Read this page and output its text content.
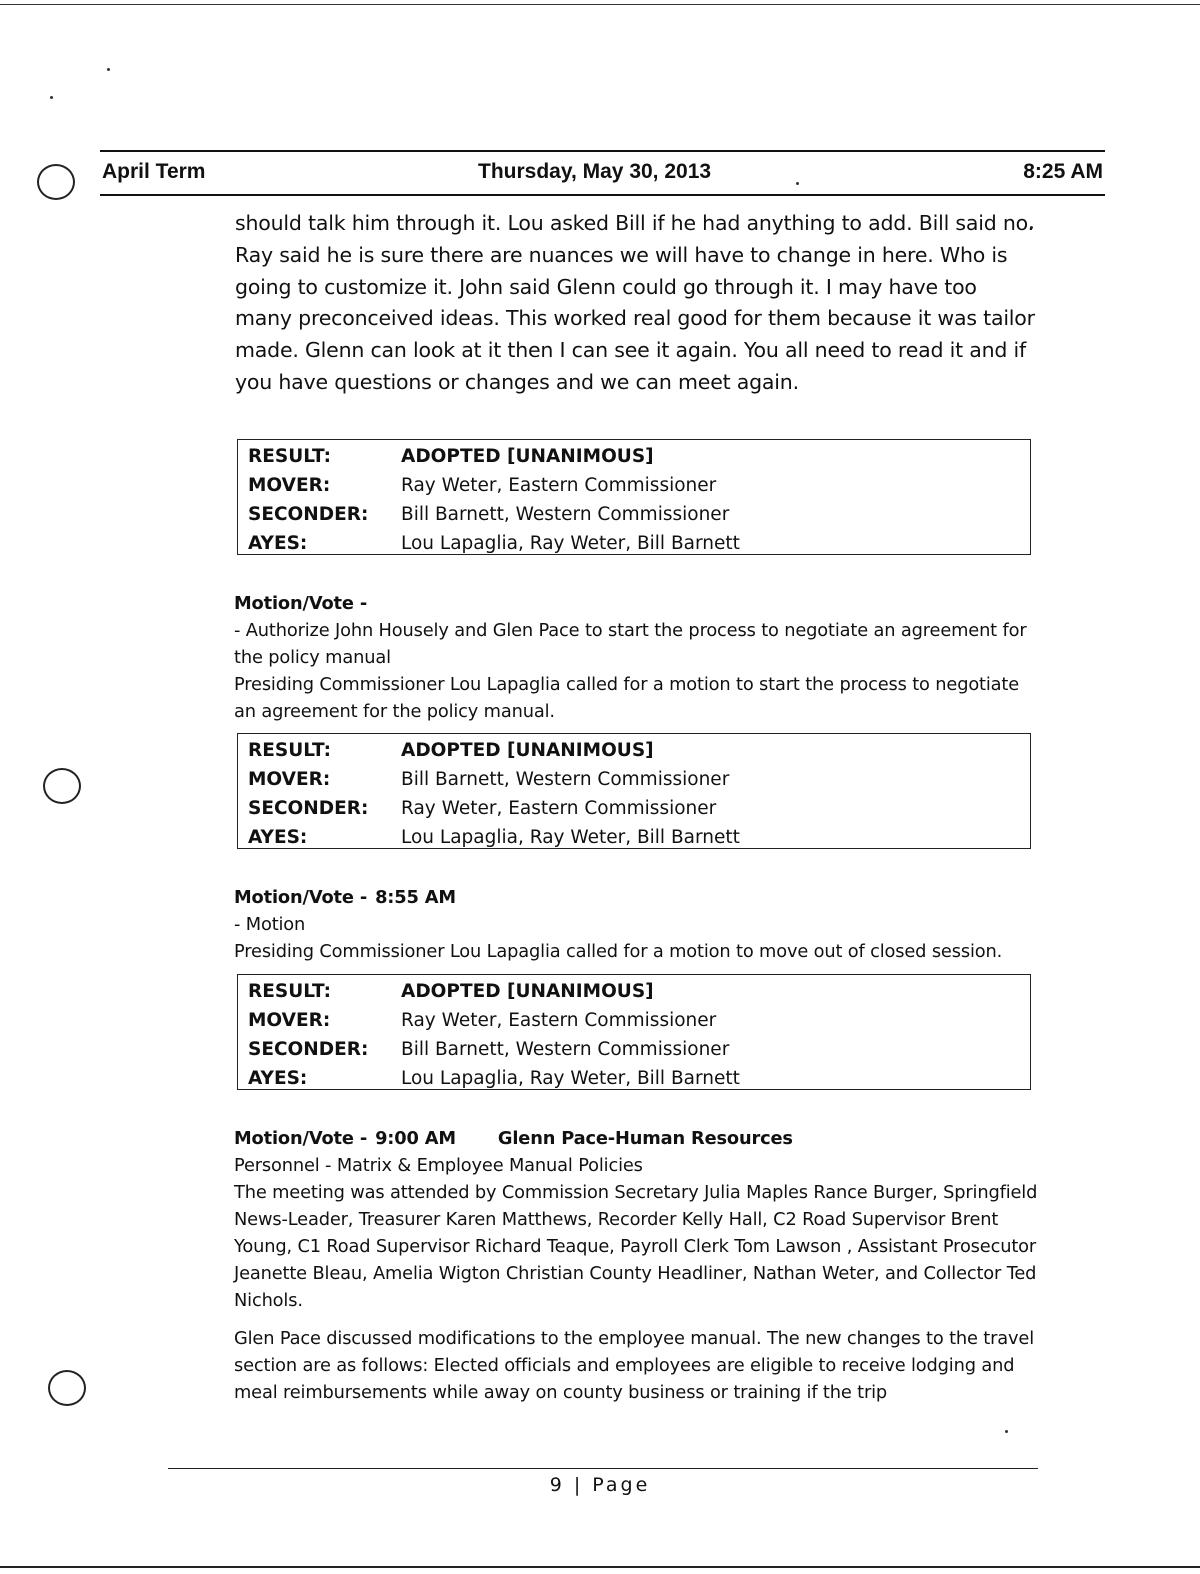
April Term	Thursday, May 30, 2013	8:25 AM
should talk him through it. Lou asked Bill if he had anything to add. Bill said no. Ray said he is sure there are nuances we will have to change in here. Who is going to customize it. John said Glenn could go through it. I may have too many preconceived ideas. This worked real good for them because it was tailor made. Glenn can look at it then I can see it again. You all need to read it and if you have questions or changes and we can meet again.
RESULT:	ADOPTED [UNANIMOUS]
MOVER:	Ray Weter, Eastern Commissioner
SECONDER: Bill Barnett, Western Commissioner
AYES:	Lou Lapaglia, Ray Weter, Bill Barnett
Motion/Vote -
- Authorize John Housely and Glen Pace to start the process to negotiate an agreement for the policy manual
Presiding Commissioner Lou Lapaglia called for a motion to start the process to negotiate an agreement for the policy manual.
RESULT:	ADOPTED [UNANIMOUS]
MOVER:	Bill Barnett, Western Commissioner
SECONDER: Ray Weter, Eastern Commissioner
AYES:	Lou Lapaglia, Ray Weter, Bill Barnett
Motion/Vote - 8:55 AM
- Motion
Presiding Commissioner Lou Lapaglia called for a motion to move out of closed session.
RESULT:	ADOPTED [UNANIMOUS]
MOVER:	Ray Weter, Eastern Commissioner
SECONDER: Bill Barnett, Western Commissioner
AYES:	Lou Lapaglia, Ray Weter, Bill Barnett
Motion/Vote - 9:00 AM Glenn Pace-Human Resources
Personnel - Matrix & Employee Manual Policies
The meeting was attended by Commission Secretary Julia Maples Rance Burger, Springfield News-Leader, Treasurer Karen Matthews, Recorder Kelly Hall, C2 Road Supervisor Brent Young, C1 Road Supervisor Richard Teaque, Payroll Clerk Tom Lawson , Assistant Prosecutor Jeanette Bleau, Amelia Wigton Christian County Headliner, Nathan Weter, and Collector Ted Nichols.
Glen Pace discussed modifications to the employee manual. The new changes to the travel section are as follows: Elected officials and employees are eligible to receive lodging and meal reimbursements while away on county business or training if the trip
9 | Page
